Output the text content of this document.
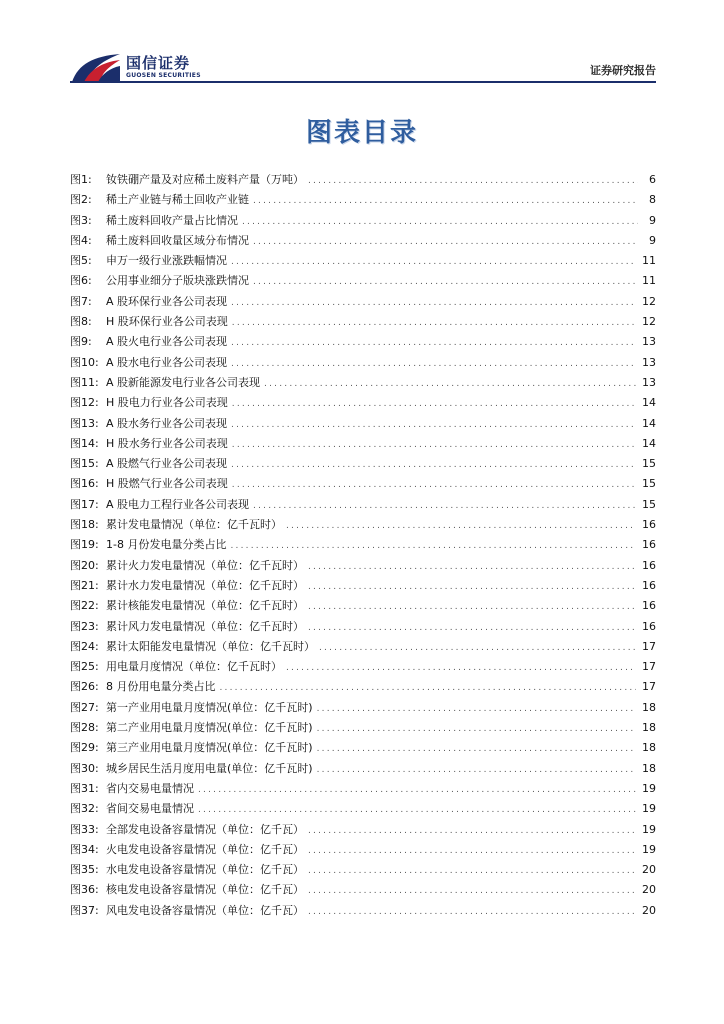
国信证券
GUOSEN SECURITIES	证券研究报告
图表目录
图1:	钕铁硼产量及对应稀土废料产量（万吨） .....	6
图2:	稀土产业链与稀土回收产业链 .....	8
图3:	稀土废料回收产量占比情况 .....	9
图4:	稀土废料回收量区域分布情况 .....	9
图5:	申万一级行业涨跌幅情况 .....	11
图6:	公用事业细分子版块涨跌情况 .....	11
图7:	A 股环保行业各公司表现 .....	12
图8:	H 股环保行业各公司表现 .....	12
图9:	A 股火电行业各公司表现 .....	13
图10: A 股水电行业各公司表现 .....	13
图11: A 股新能源发电行业各公司表现 .....	13
图12: H 股电力行业各公司表现 .....	14
图13: A 股水务行业各公司表现 .....	14
图14: H 股水务行业各公司表现 .....	14
图15: A 股燃气行业各公司表现 .....	15
图16: H 股燃气行业各公司表现 .....	15
图17: A 股电力工程行业各公司表现 .....	15
图18: 累计发电量情况（单位：亿千瓦时） .....	16
图19: 1-8 月份发电量分类占比 .....	16
图20: 累计火力发电量情况（单位：亿千瓦时） .....	16
图21: 累计水力发电量情况（单位：亿千瓦时） .....	16
图22: 累计核能发电量情况（单位：亿千瓦时） .....	16
图23: 累计风力发电量情况（单位：亿千瓦时） .....	16
图24: 累计太阳能发电量情况（单位：亿千瓦时） .....	17
图25: 用电量月度情况（单位：亿千瓦时） .....	17
图26: 8 月份用电量分类占比 .....	17
图27: 第一产业用电量月度情况(单位：亿千瓦时) .....	18
图28: 第二产业用电量月度情况(单位：亿千瓦时) .....	18
图29: 第三产业用电量月度情况(单位：亿千瓦时) .....	18
图30: 城乡居民生活月度用电量(单位：亿千瓦时) .....	18
图31: 省内交易电量情况 .....	19
图32: 省间交易电量情况 .....	19
图33: 全部发电设备容量情况（单位：亿千瓦） .....	19
图34: 火电发电设备容量情况（单位：亿千瓦） .....	19
图35: 水电发电设备容量情况（单位：亿千瓦） .....	20
图36: 核电发电设备容量情况（单位：亿千瓦） .....	20
图37: 风电发电设备容量情况（单位：亿千瓦） .....	20
